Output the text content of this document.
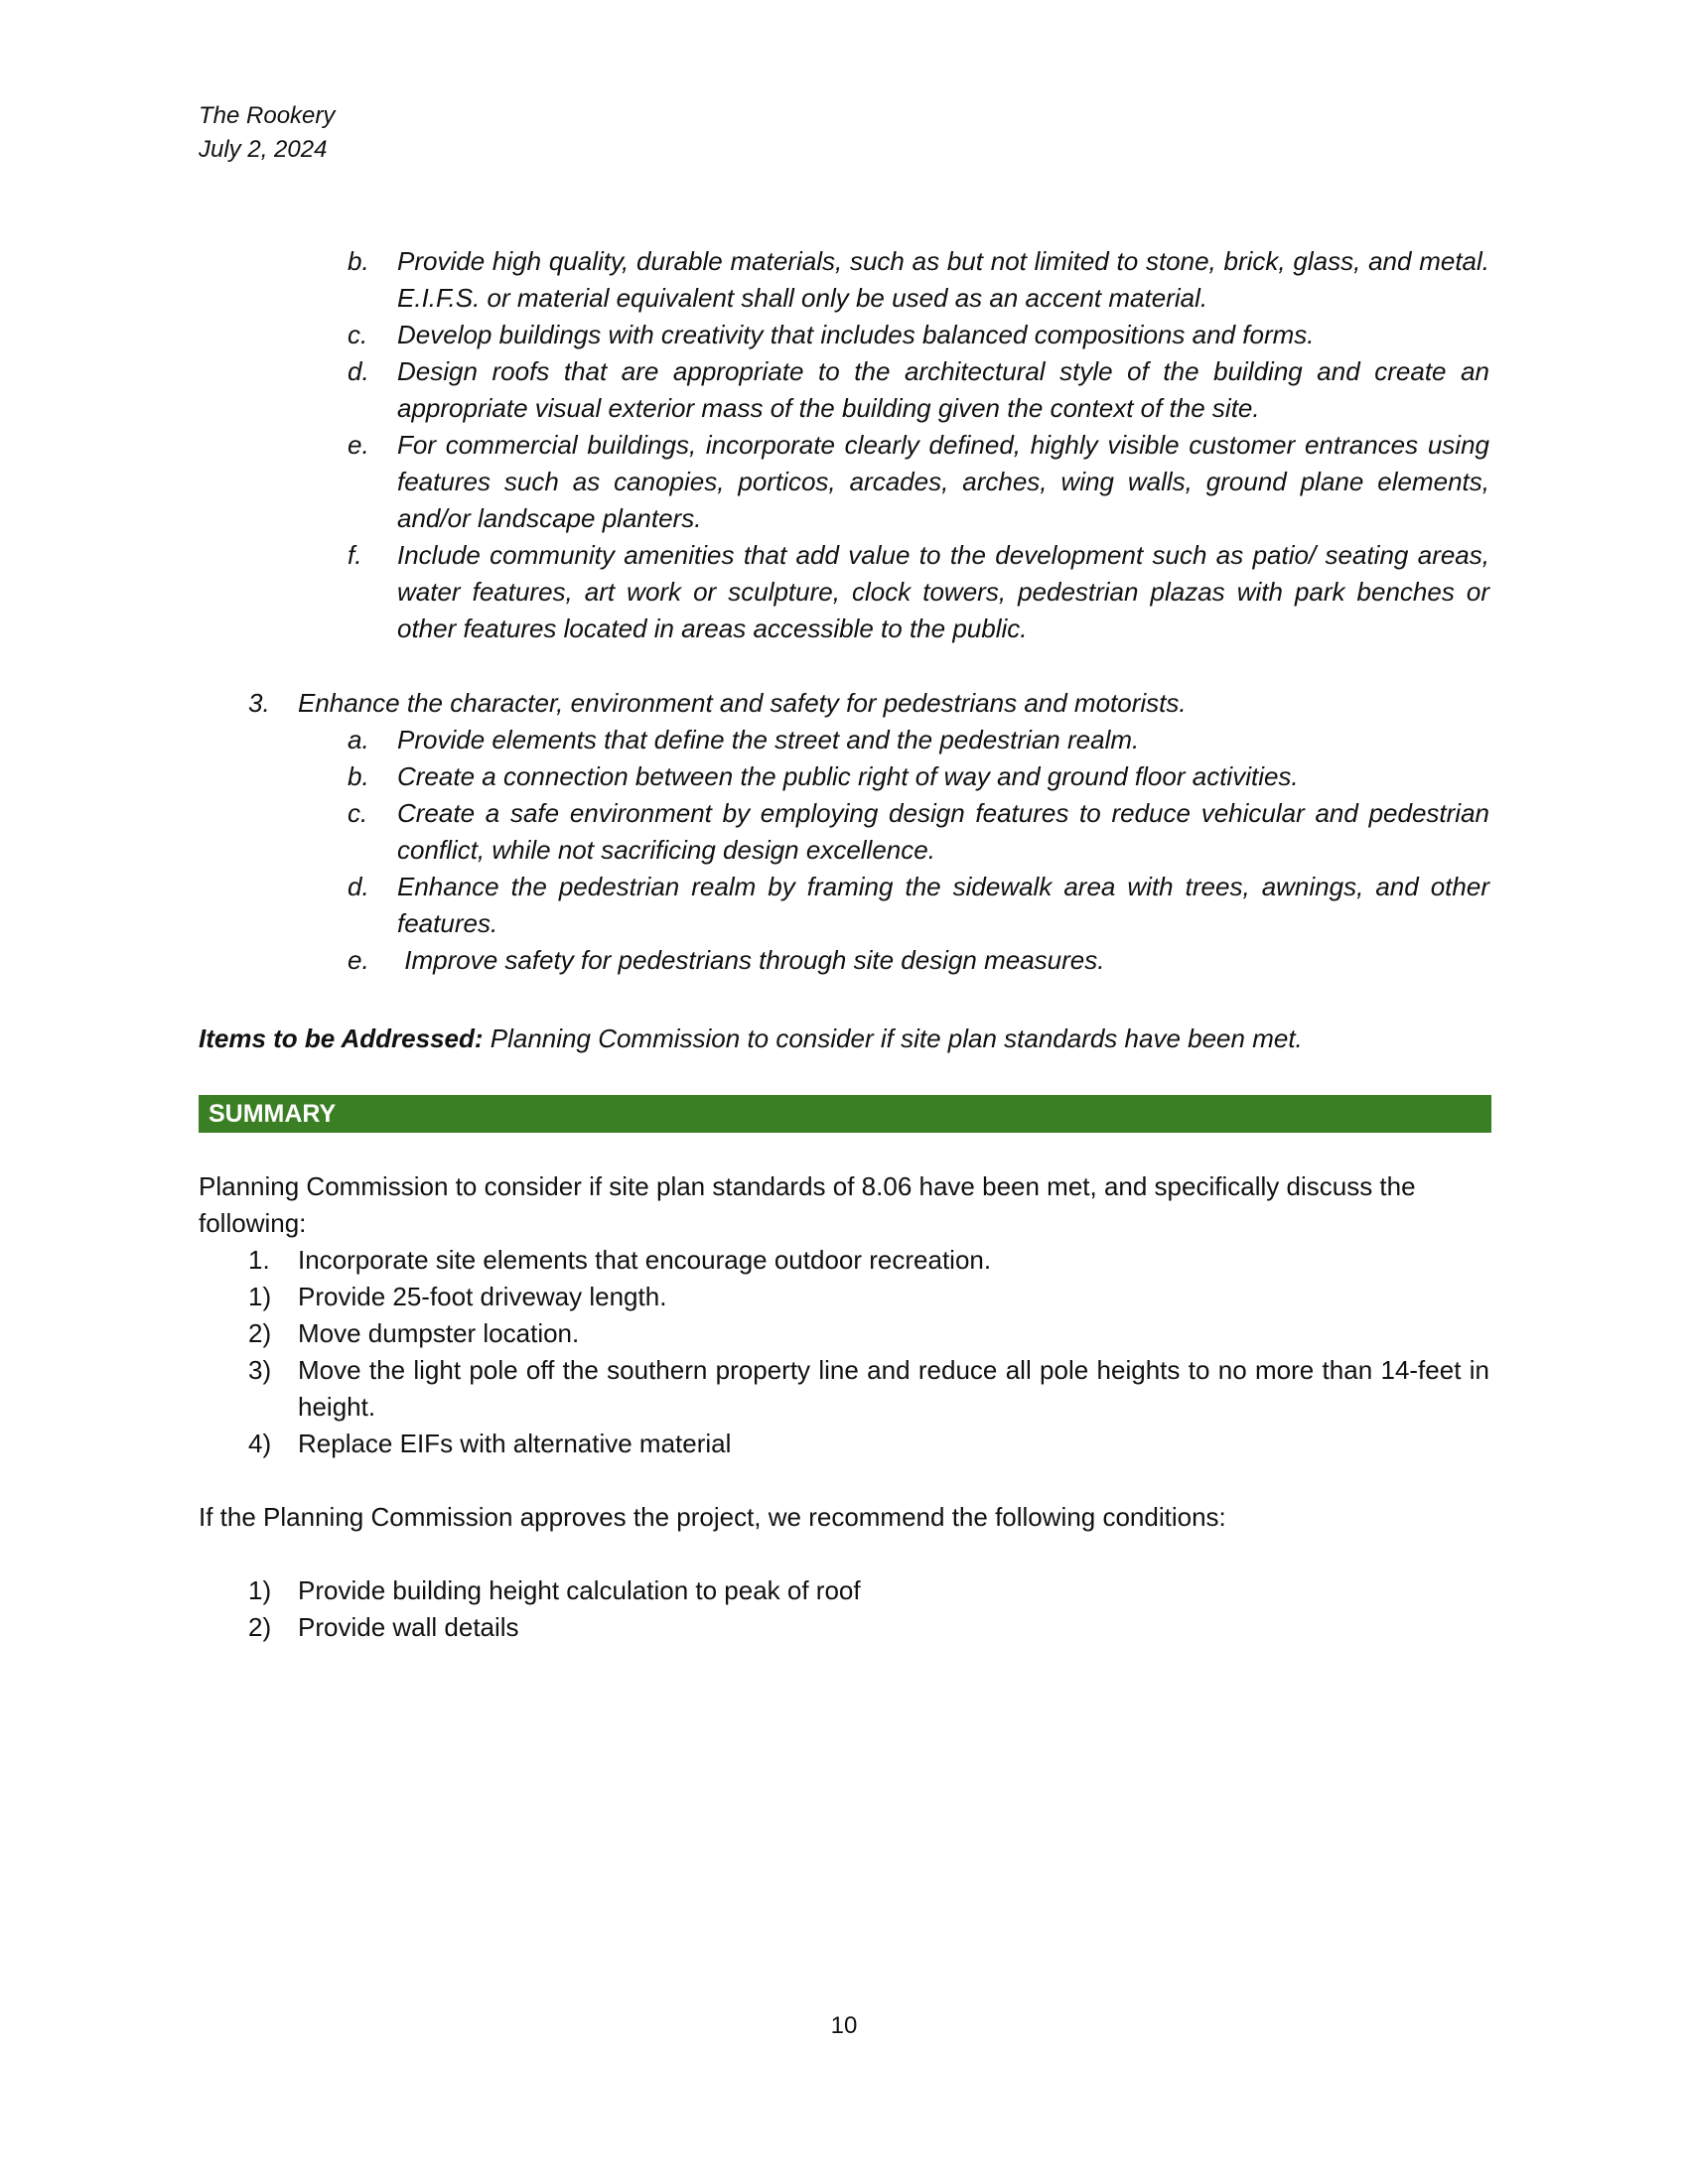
The Rookery
July 2, 2024
b.	Provide high quality, durable materials, such as but not limited to stone, brick, glass, and metal. E.I.F.S. or material equivalent shall only be used as an accent material.
c.	Develop buildings with creativity that includes balanced compositions and forms.
d.	Design roofs that are appropriate to the architectural style of the building and create an appropriate visual exterior mass of the building given the context of the site.
e.	For commercial buildings, incorporate clearly defined, highly visible customer entrances using features such as canopies, porticos, arcades, arches, wing walls, ground plane elements, and/or landscape planters.
f.	Include community amenities that add value to the development such as patio/ seating areas, water features, art work or sculpture, clock towers, pedestrian plazas with park benches or other features located in areas accessible to the public.
3.	Enhance the character, environment and safety for pedestrians and motorists.
a.	Provide elements that define the street and the pedestrian realm.
b.	Create a connection between the public right of way and ground floor activities.
c.	Create a safe environment by employing design features to reduce vehicular and pedestrian conflict, while not sacrificing design excellence.
d.	Enhance the pedestrian realm by framing the sidewalk area with trees, awnings, and other features.
e.	Improve safety for pedestrians through site design measures.
Items to be Addressed: Planning Commission to consider if site plan standards have been met.
SUMMARY
Planning Commission to consider if site plan standards of 8.06 have been met, and specifically discuss the following:
1.	Incorporate site elements that encourage outdoor recreation.
1)	Provide 25-foot driveway length.
2)	Move dumpster location.
3)	Move the light pole off the southern property line and reduce all pole heights to no more than 14-feet in height.
4)	Replace EIFs with alternative material
If the Planning Commission approves the project, we recommend the following conditions:
1)	Provide building height calculation to peak of roof
2)	Provide wall details
10
